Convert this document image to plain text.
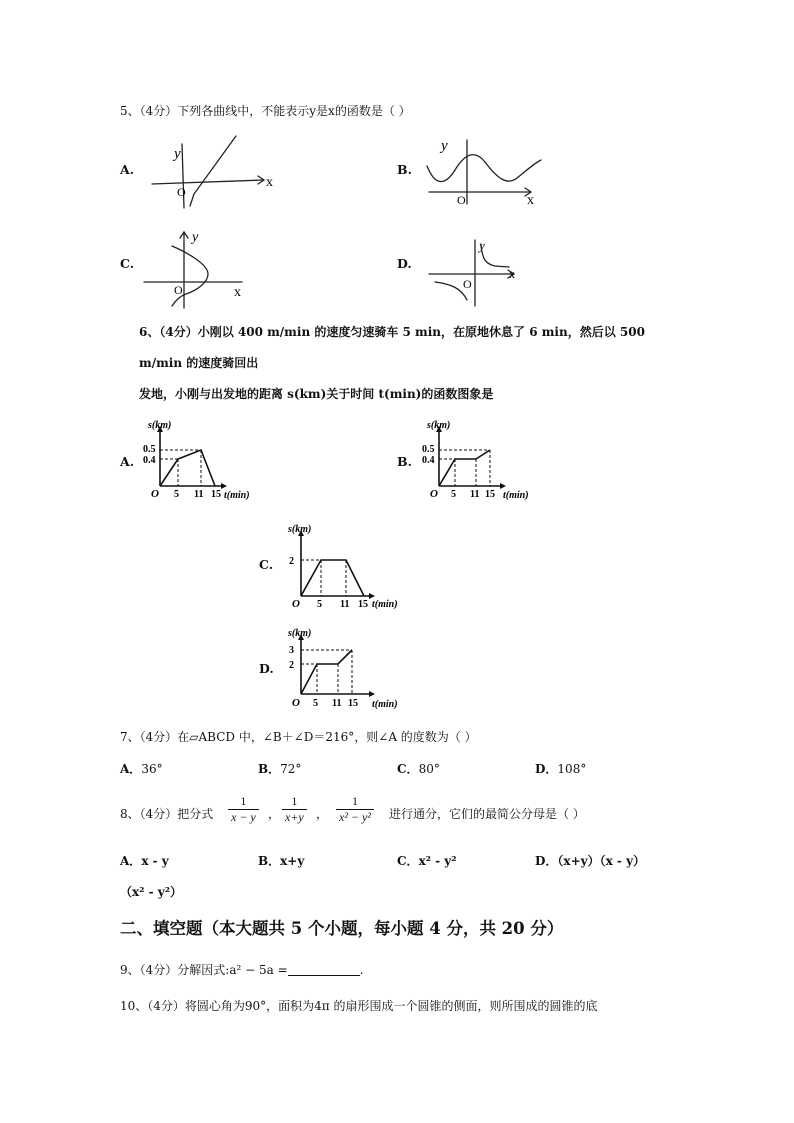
5、（4分）下列各曲线中，不能表示y是x的函数是（ ）
A.
y
x
O
B.
y
x
O
C.
y
x
O
D.
y
x
O
6、（4分）小刚以 400 m/min 的速度匀速骑车 5 min，在原地休息了 6 min，然后以 500
m/min 的速度骑回出
发地，小刚与出发地的距离 s(km)关于时间 t(min)的函数图象是
A.
s(km)
t(min)
O
0.5
0.4
5 11 15
B.
s(km)
t(min)
O
0.5
0.4
5 11 15
C.
s(km)
t(min)
O
2
5 11 15
D.
s(km)
t(min)
O
3
2
5 11 15
7、（4分）在▱ABCD 中，∠B＋∠D＝216°，则∠A 的度数为（ ）
A．36°	B．72°	C．80°	D．108°
8、（4分）把分式 $\frac{1}{x - y}$ ， $\frac{1}{x+y}$ ， $\frac{1}{\text{x² − y²}}$ 进行通分，它们的最简公分母是（ ）
A．x - y	B．x+y	C．x² - y²	D．（x+y）（x - y）
（x² - y²）
二、填空题（本大题共 5 个小题，每小题 4 分，共 20 分）
9、（4分）分解因式:a² − 5a =	.
10、（4分）将圆心角为90°，面积为4π 的扇形围成一个圆锥的侧面，则所围成的圆锥的底
